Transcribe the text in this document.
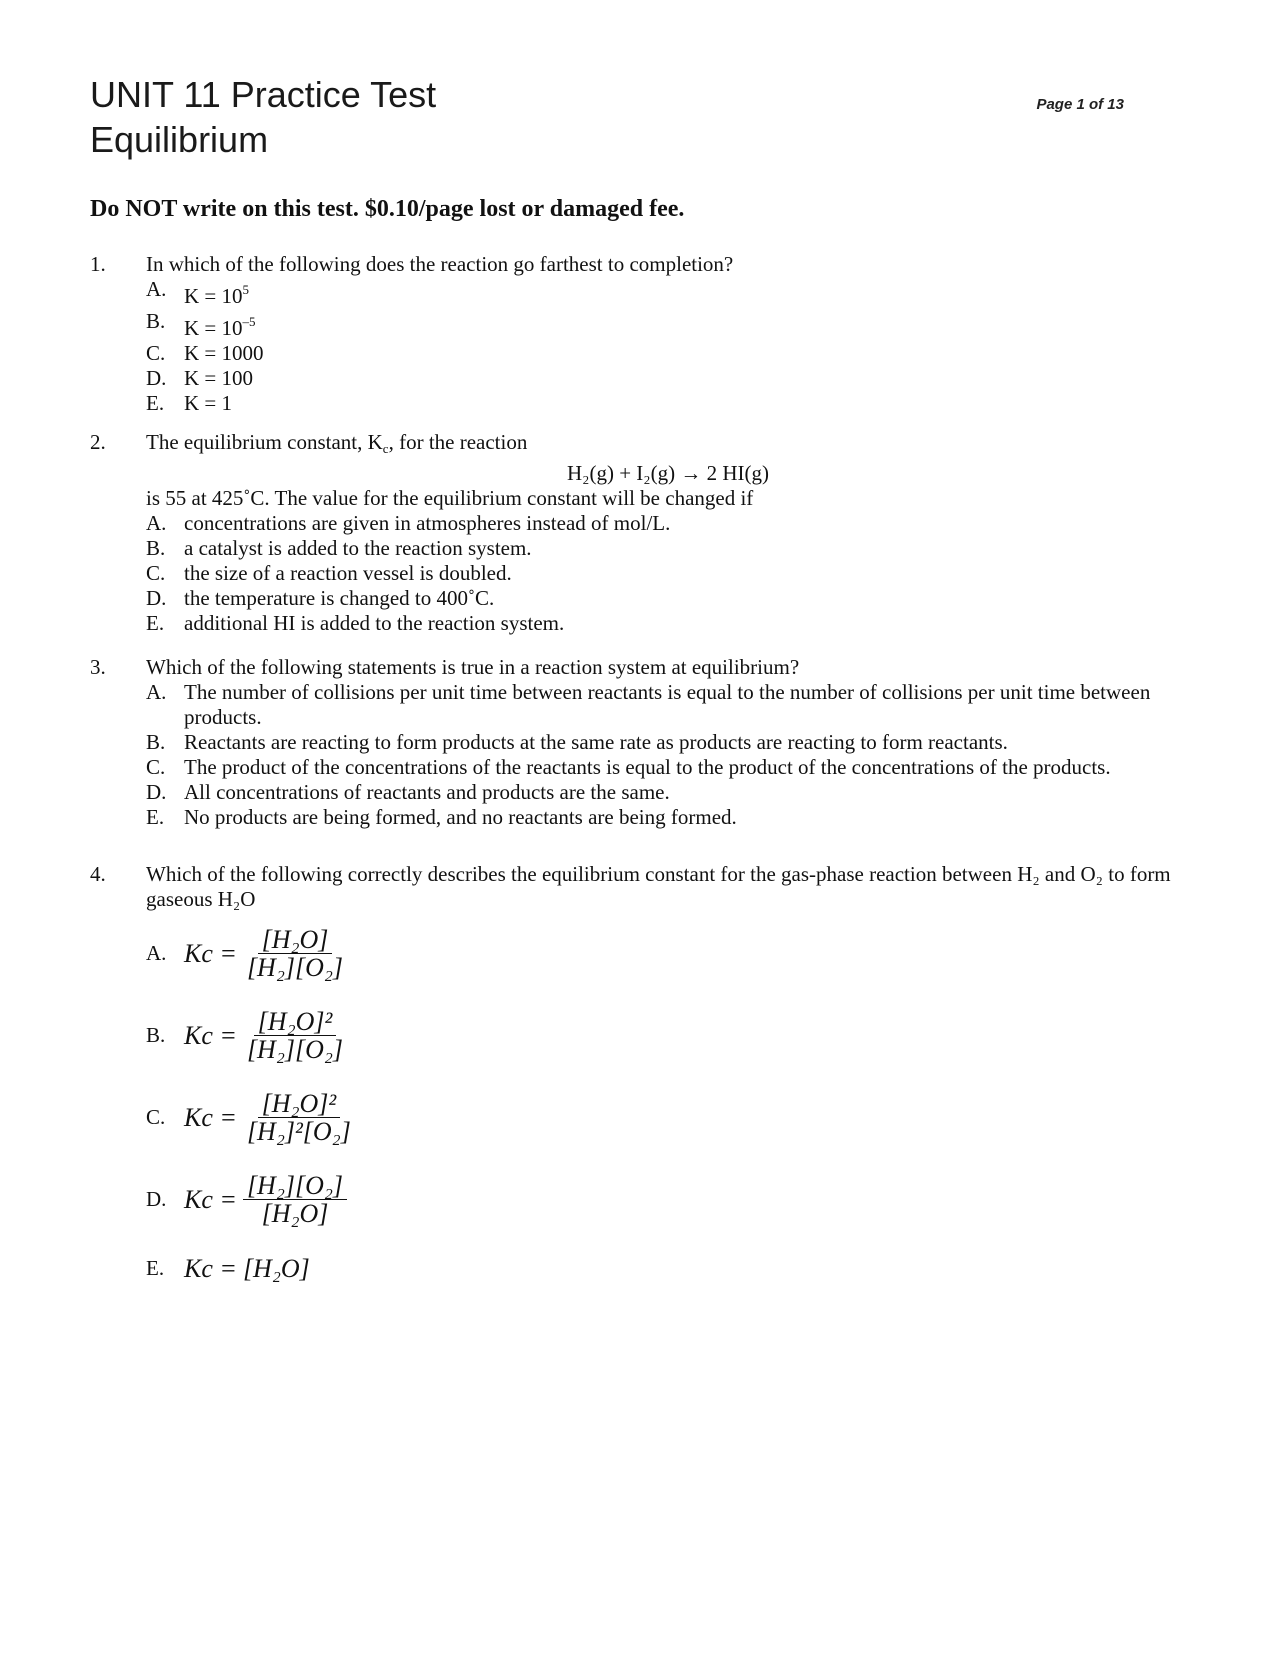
UNIT 11 Practice Test
Equilibrium
Page 1 of 13
Do NOT write on this test. $0.10/page lost or damaged fee.
1. In which of the following does the reaction go farthest to completion?
A. $K = 10^5$
B. $K = 10^{-5}$
C. K = 1000
D. K = 100
E. K = 1
2. The equilibrium constant, $K_c$, for the reaction
H₂(g) + I₂(g) → 2 HI(g)
is 55 at 425˚C. The value for the equilibrium constant will be changed if
A. concentrations are given in atmospheres instead of mol/L.
B. a catalyst is added to the reaction system.
C. the size of a reaction vessel is doubled.
D. the temperature is changed to 400˚C.
E. additional HI is added to the reaction system.
3. Which of the following statements is true in a reaction system at equilibrium?
A. The number of collisions per unit time between reactants is equal to the number of collisions per unit time between products.
B. Reactants are reacting to form products at the same rate as products are reacting to form reactants.
C. The product of the concentrations of the reactants is equal to the product of the concentrations of the products.
D. All concentrations of reactants and products are the same.
E. No products are being formed, and no reactants are being formed.
4. Which of the following correctly describes the equilibrium constant for the gas-phase reaction between H₂ and O₂ to form gaseous H₂O
A. $Kc = \frac{\text{[H₂O]}}{\text{[H₂][O₂]}}$
B. $Kc = \frac{\text{[H₂O]²}}{\text{[H₂][O₂]}}$
C. $Kc = \frac{\text{[H₂O]²}}{\text{[H₂]²[O₂]}}$
D. $Kc = \frac{\text{[H₂][O₂]}}{\text{[H₂O]}}$
E. Kc = [H₂O]
